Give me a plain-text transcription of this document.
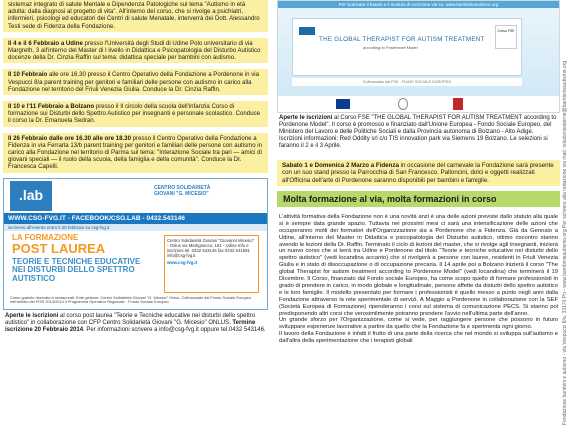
sistemaz integrato di salute Mentale e Dipendenza Patologiche sul tema "Autismo in età adulta: dalla diagnosi al progetto di vita". All'interno del corso, che si rivolge a psichiatri, infermieri, psicologi ed educatori dei Centri di salute Menatale, interverrà dei Dott. Alessandro Testi sede di Fidenza della Fondazione.
Il 4 e il 6 Febbraio a Udine presso l'Università degli Studi di Udine Polo universitario di via Margreth, 3 all'interno del Master di I livello in Didattica e Psicopatologia del Disturbo Autistico docenze della Dr. Cinzia Raffin sul tema: didattica speciale per bambini con autismo.
Il 10 Febbraio alle ore 16.30 presso il Centro Operativo della Fondazione a Pordenone in via Vespucci 8/a parent training per genitori e familiari delle persone con autismo in carico alla Fondazione nel territorio del Friuli Venezia Giulia. Conduce la Dr. Cinzia Raffin.
Il 10 e l'11 Febbraio a Bolzano presso il Il circolo della scuola dell'infanzia Corso di formazione sui Disturbi dello Spettro Autistico per insegnanti e personale scolastico. Conduce il corso la Dr. Emanuela Sedran.
Il 26 Febbraio dalle ore 16.30 alle ore 18.30 presso il Centro Operativo della Fondazione a Fidenza in via Ferrarla 13/b parent training per genitori e familiari delle persone con autismo in carico alla Fondazione nel territorio di Parma sul tema: "Interazione Sociale tra pari — amici di giovani speciali — il ruolo della scuola, della famiglia e della comunità". Conduce la Dr. Francesca Capelli.
.lab	CENTRO SOLIDARIETÀ
GIOVANI "G. MICESIO"
WWW.CSG-FVG.IT - FACEBOOK/CSG.LAB - 0432.543146
iscriversi all'evento entro il 20 febbraio su csg-fvg.it
LA FORMAZIONE
POST LAUREA
TEORIE E TECNICHE EDUCATIVE NEI DISTURBI DELLO SPETTRO AUTISTICO
Centro Solidarietà Giovani "Giovanni Micesio" - Onlus via Martignacco, 161 - Udine Info e iscrizioni tel. 0432 543146 fax 0432 541591 info@csg-fvg.it
www.csg-fvg.it
Corso gratuito riservato a neolaureati. Ente gestore: Centro Solidarietà Giovani "G. Micesio" Onlus. Cofinanziato dal Fondo Sociale Europeo nell'ambito del POR 2013/2014 Il Programma Operativo Regionale - Fondo Sociale Europeo
Aperte le iscrizioni al corso post laurea "Teorie e Tecniche educative nei disturbi dello spettro autistico" in collaborazione con CFP Centro Solidarietà Giovani "G. Micesio" ONLUS. Termine iscrizione 20 Febbraio 2014. Per informazioni scrivere a info@csg-fvg.it oppure tel.0432 543146.
Per scaricare il bando e il modulo di iscrizione vai su: www.bambinieautismo.org
THE GLOBAL THERAPIST FOR AUTISM TREATMENT
according to Pordenone Model
Corso FSE
Cofinanziato dal FSE - PIANO SOCIALE EUROPEO
Aperte le iscrizioni al Corso FSE "THE GLOBAL THERAPIST FOR AUTISM TREATMENT according to Pordenone Model". Il corso è promosso e finanziato dall'Unione Europea - Fondo Sociale Europeo, del Ministero del Lavoro e delle Politiche Sociali e dalla Provincia autonoma di Bolzano - Alto Adige. Iscrizioni informazioni: Red Oddity srl c/o TIS innovation park via Siemens 19 Bolzano. Le selezioni si faranno il 2 e il 3 Aprile.
Sabato 1 e Domenica 2 Marzo a Fidenza in occasione del carnevale la Fondazione sarà presente con un suo stand presso la Parrocchia di San Francesco. Palloncini, dolci e oggetti realizzati all'Officina dell'arte di Pordenone saranno disponibili per bambini e famiglie.
Molta formazione al via, molta formazioni in corso

L'attività formativa della Fondazione non è una novità anzi è una delle azioni previste dallo statuto alla quale si è sempre data grande spazio. Tuttavia nei prossimi mesi ci sarà una intensificazione delle azioni che occuperanno molti dei formatori dell'Organizzazione sia a Pordenone che a Fidenza. Già da Gennaio a Udine, all'interno del Master in Didattica e psicopatologia del Disturbo autistico, ottimo riscontro stanno avendo le lezioni della Dr. Raffin. Terminato il ciclo di lezioni del master, che si rivolge agli insegnanti, inizierà un nuovo corso che si terrà tra Udine e Pordenone dal titolo "Teorie e tecniche educative nei disturbi dello spettro autistico" (vedi locandina accanto) che si rivolgerà a persone con lauree, residenti in Friuli Venezia Giulia e in stato di disoccupazione o di occupazione precaria. Il 14 aprile poi a Bolzano inizierà il corso "The global Therapist for autism treatment according to Pordenone Model" (vedi locandina) che terminerà il 19 Dicembre. Il Corso, finanziato dal Fondo sociale Europeo, ha come scopo quello di formare professionisti in grado di prendere in carico, in modo globale e longitudinale, persone affette da disturbi dello spettro autistico e le loro famiglie. Il modello presentato per formare i professionisti è quello messo a punto negli anni dalla Fondazione attraverso la rete sperimentale di servizi. A Maggio a Pordenone in collaborazione con la SEF (Società Europea di Formazione) ripenderanno i corsi sul sistema di comunicazione PECS. Si stanno poi predisponendo altri corsi che verosimilmente potranno prendere l'avvio nell'ultima parte dell'anno.

Un grande sforzo per l'Organizzazione, come si vede, per raggiungere persone che possono in futuro sviluppare esperienze lavorative a partire da quello che la Fondazione fa e sperimenta ogni giorno.

Il lavoro della Fondazione è infatti il frutto di una parte della ricerca che nel mondo si sviluppa sull'autismo e dall'altra della sperimentazione che i terapisti globali	Fondazione bambini e autismo - via Vespucci 8/a, 33170 Pn - www.bambinieautismo.org Per scrivere alla redazione via mail: relazioniesterne@bambinieautismo.org
